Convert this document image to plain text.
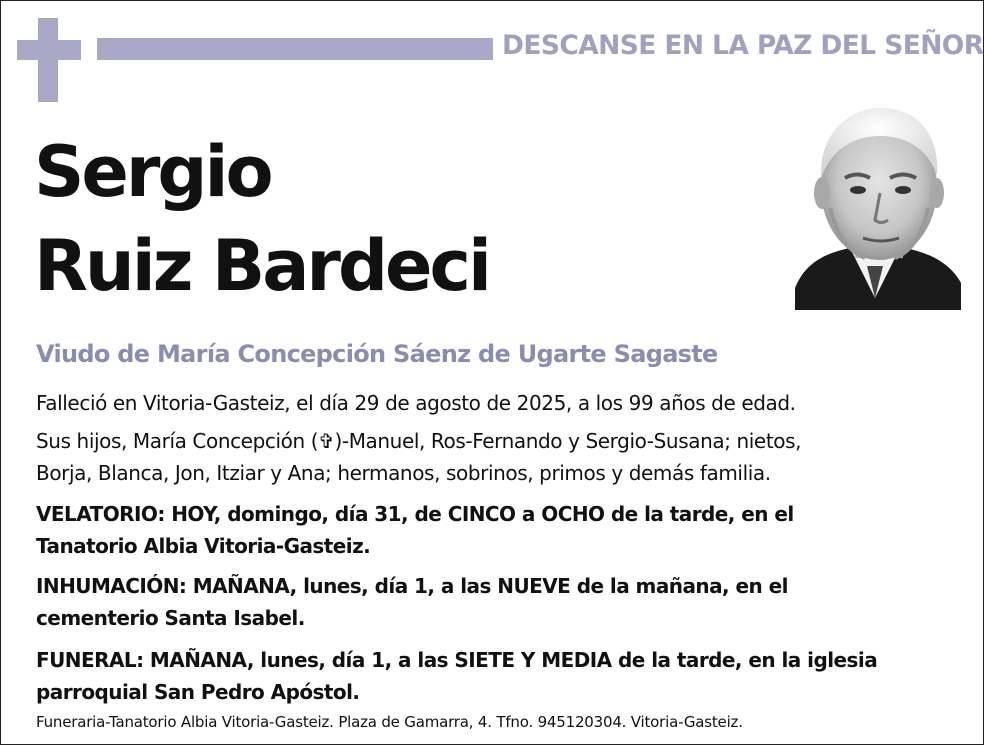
DESCANSE EN LA PAZ DEL SEÑOR
Sergio
Ruiz Bardeci
Viudo de María Concepción Sáenz de Ugarte Sagaste
Falleció en Vitoria-Gasteiz, el día 29 de agosto de 2025, a los 99 años de edad.
Sus hijos, María Concepción (✞)-Manuel, Ros-Fernando y Sergio-Susana; nietos,
Borja, Blanca, Jon, Itziar y Ana; hermanos, sobrinos, primos y demás familia.
VELATORIO: HOY, domingo, día 31, de CINCO a OCHO de la tarde, en el
Tanatorio Albia Vitoria-Gasteiz.
INHUMACIÓN: MAÑANA, lunes, día 1, a las NUEVE de la mañana, en el
cementerio Santa Isabel.
FUNERAL: MAÑANA, lunes, día 1, a las SIETE Y MEDIA de la tarde, en la iglesia
parroquial San Pedro Apóstol.
Funeraria-Tanatorio Albia Vitoria-Gasteiz. Plaza de Gamarra, 4. Tfno. 945120304. Vitoria-Gasteiz.
